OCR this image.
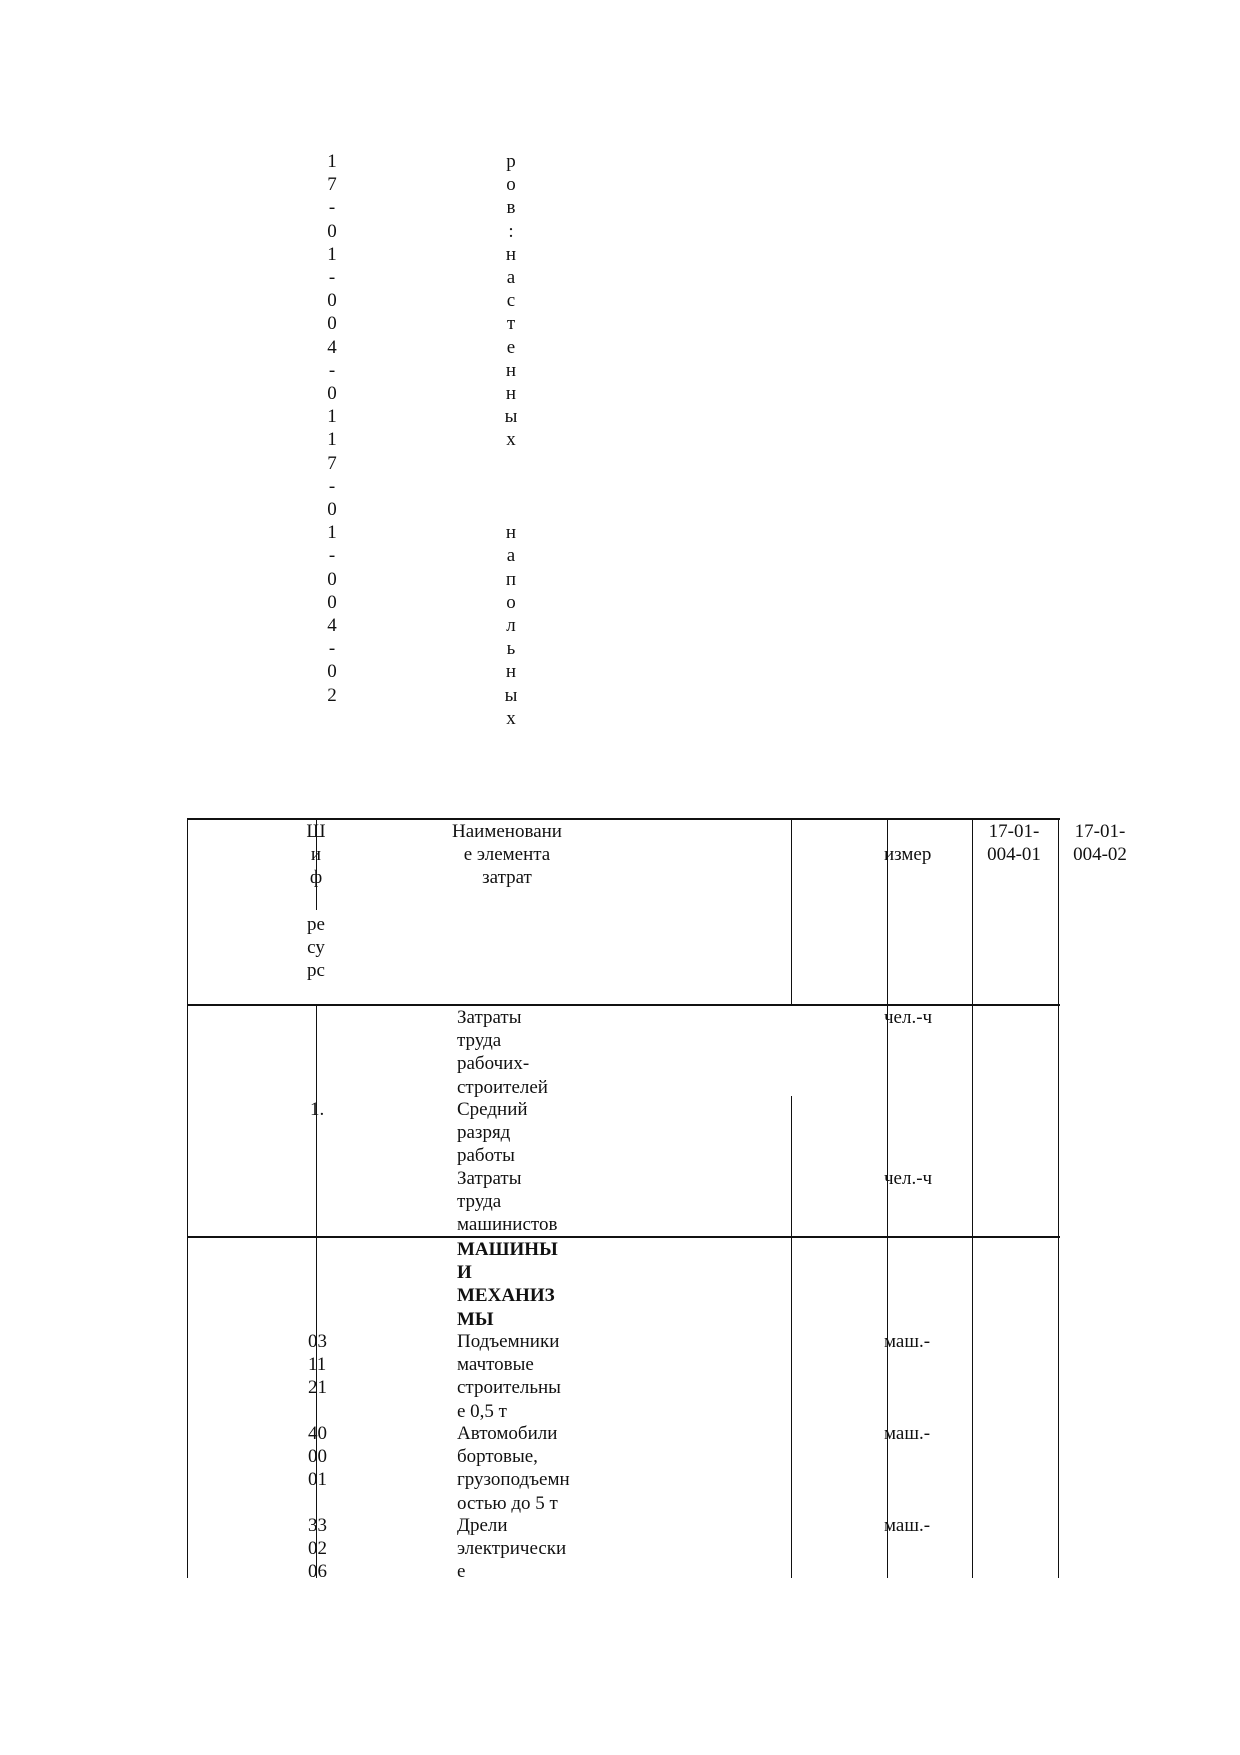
1
7
-
0
1
-
0
0
4
-
0
1
1
7
-
0
1
-
0
0
4
-
0
2
р
о
в
:
н
а
с
т
е
н
н
ы
х

н
а
п
о
л
ь
н
ы
х
Ш
и
ф

ре
су
рс
Наименовани
е элемента
затрат
измер
17-01-
004-01
17-01-
004-02
Затраты
труда
рабочих-
строителей
чел.-ч
1.	Средний
разряд
работы
Затраты
труда
машинистов
чел.-ч
МАШИНЫ
И
МЕХАНИЗ
МЫ
03
11
21
Подъемники
мачтовые
строительны
е 0,5 т
маш.-
40
00
01
Автомобили
бортовые,
грузоподъемн
остью до 5 т
маш.-
33
02
06
Дрели
электрически
е
маш.-
